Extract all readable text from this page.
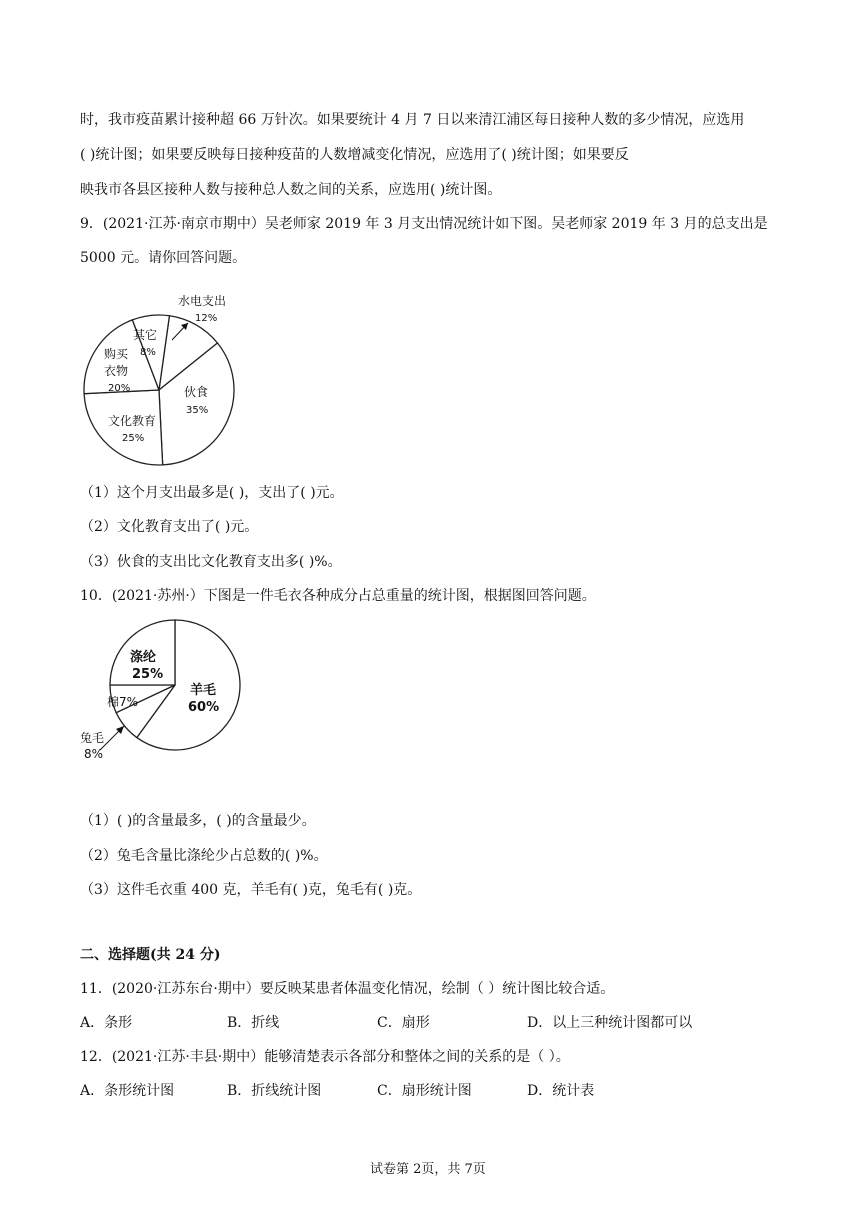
时，我市疫苗累计接种超 66 万针次。如果要统计 4 月 7 日以来清江浦区每日接种人数的多少情况，应选用
( )统计图；如果要反映每日接种疫苗的人数增减变化情况，应选用了( )统计图；如果要反
映我市各县区接种人数与接种总人数之间的关系，应选用( )统计图。
9．(2021·江苏·南京市期中）吴老师家 2019 年 3 月支出情况统计如下图。吴老师家 2019 年 3 月的总支出是
5000 元。请你回答问题。
水电支出
12%
其它
8%
购买
衣物
20%	伙食
35%
文化教育
25%
（1）这个月支出最多是( )，支出了( )元。
（2）文化教育支出了( )元。
（3）伙食的支出比文化教育支出多( )%。
10．(2021·苏州·）下图是一件毛衣各种成分占总重量的统计图，根据图回答问题。
涤纶
25%
羊毛
60%
棉7%
兔毛
8%
（1）( )的含量最多，( )的含量最少。
（2）兔毛含量比涤纶少占总数的( )%。
（3）这件毛衣重 400 克，羊毛有( )克，兔毛有( )克。
二、选择题(共 24 分)
11．(2020·江苏东台·期中）要反映某患者体温变化情况，绘制（ ）统计图比较合适。
A．条形	B．折线	C．扇形	D．以上三种统计图都可以
12．(2021·江苏·丰县·期中）能够清楚表示各部分和整体之间的关系的是（ ）。
A．条形统计图	B．折线统计图	C．扇形统计图	D．统计表
试卷第 2页，共 7页
